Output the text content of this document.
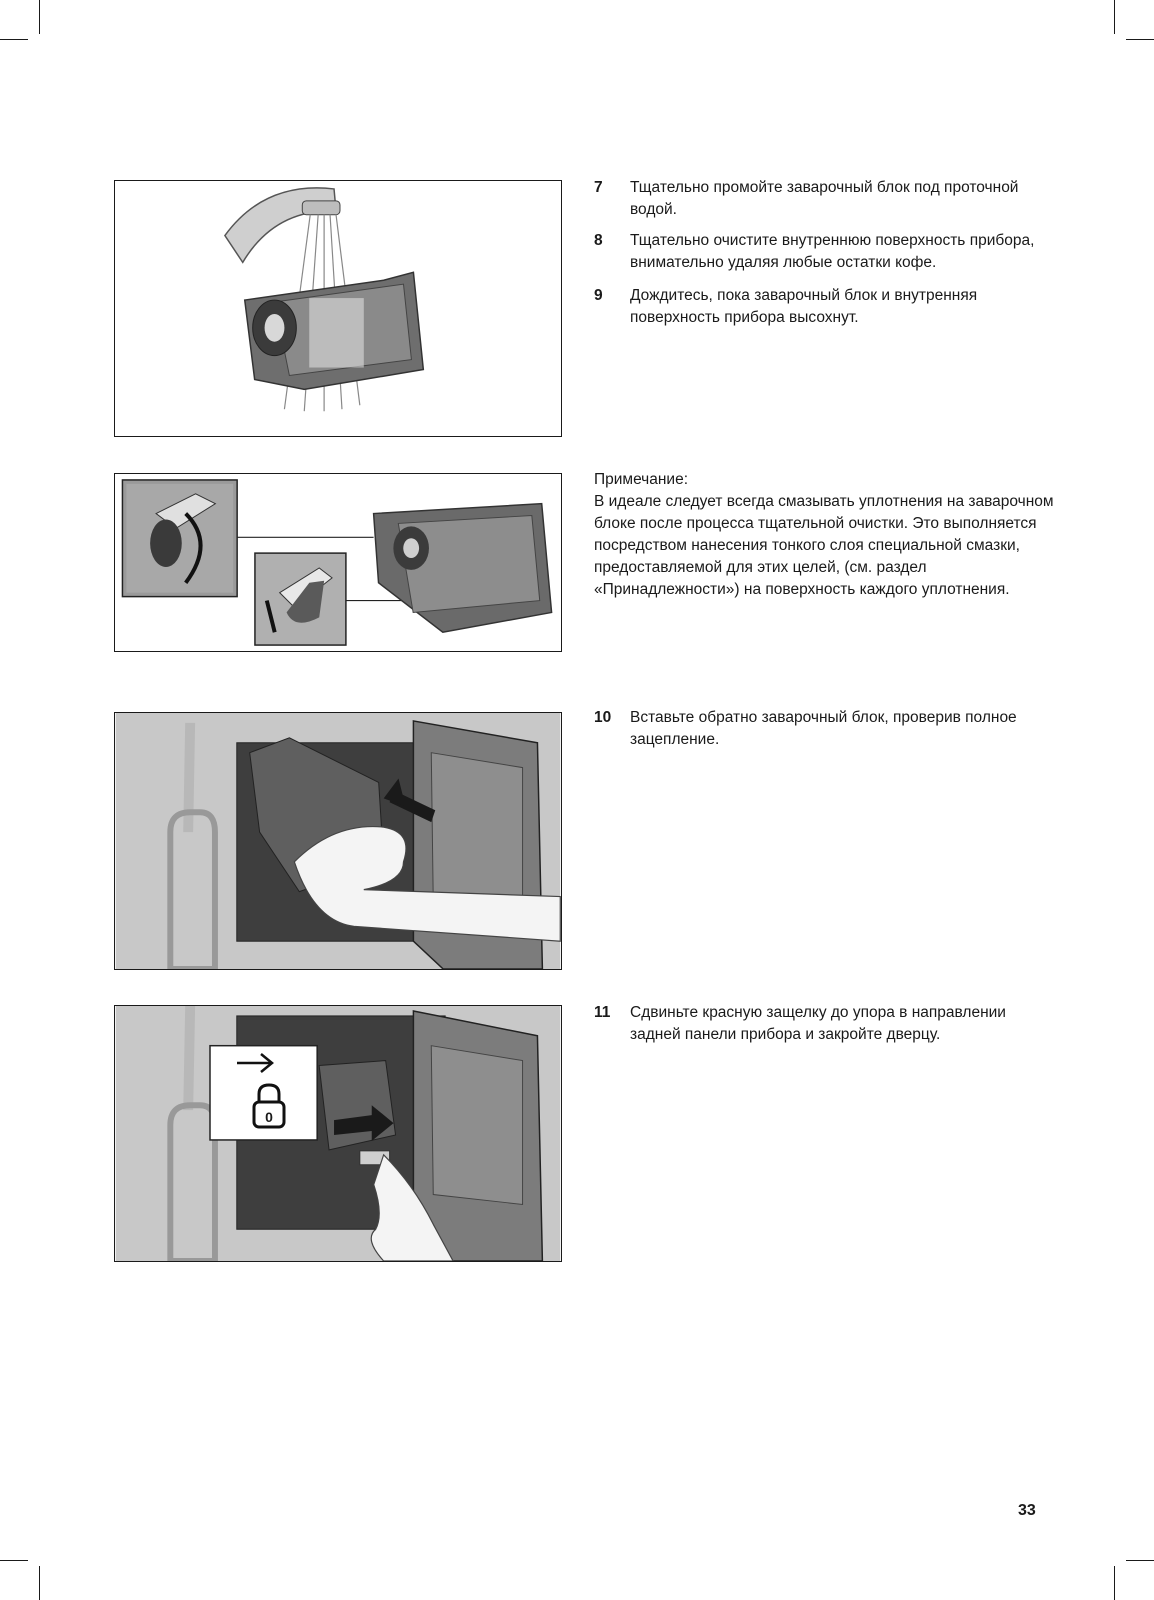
7 Тщательно промойте заварочный блок под проточной водой.
8 Тщательно очистите внутреннюю поверхность прибора, внимательно удаляя любые остатки кофе.
9 Дождитесь, пока заварочный блок и внутренняя поверхность прибора высохнут.

Примечание:

В идеале следует всегда смазывать уплотнения на заварочном блоке после процесса тщательной очистки. Это выполняется посредством нанесения тонкого слоя специальной смазки, предоставляемой для этих целей, (см. раздел «Принадлежности») на поверхность каждого уплотнения.

10 Вставьте обратно заварочный блок, проверив полное зацепление.
0
11 Сдвиньте красную защелку до упора в направлении задней панели прибора и закройте дверцу.
33
